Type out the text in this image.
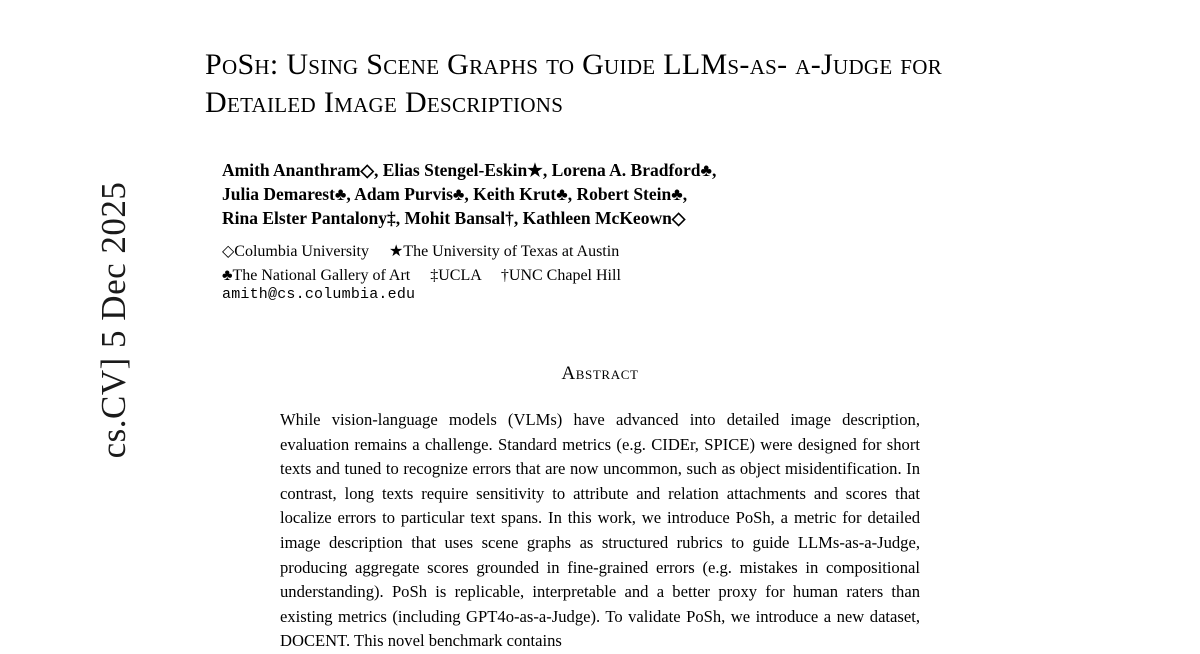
cs.CV] 5 Dec 2025
PoSh: Using Scene Graphs to Guide LLMs-as- a-Judge for Detailed Image Descriptions
Amith Ananthram◇, Elias Stengel-Eskin★, Lorena A. Bradford♣,
Julia Demarest♣, Adam Purvis♣, Keith Krut♣, Robert Stein♣,
Rina Elster Pantalony‡, Mohit Bansal†, Kathleen McKeown◇
◇Columbia University     ★The University of Texas at Austin
♣The National Gallery of Art     ‡UCLA     †UNC Chapel Hill
amith@cs.columbia.edu
Abstract
While vision-language models (VLMs) have advanced into detailed image description, evaluation remains a challenge. Standard metrics (e.g. CIDEr, SPICE) were designed for short texts and tuned to recognize errors that are now uncommon, such as object misidentification. In contrast, long texts require sensitivity to attribute and relation attachments and scores that localize errors to particular text spans. In this work, we introduce PoSh, a metric for detailed image description that uses scene graphs as structured rubrics to guide LLMs-as-a-Judge, producing aggregate scores grounded in fine-grained errors (e.g. mistakes in compositional understanding). PoSh is replicable, interpretable and a better proxy for human raters than existing metrics (including GPT4o-as-a-Judge). To validate PoSh, we introduce a new dataset, DOCENT. This novel benchmark contains
